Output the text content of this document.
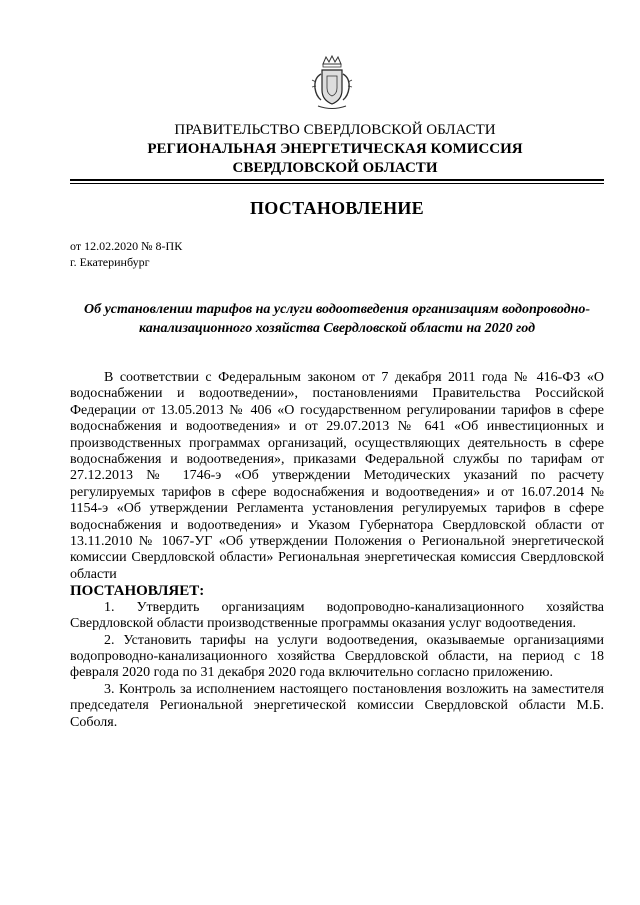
ПРАВИТЕЛЬСТВО СВЕРДЛОВСКОЙ ОБЛАСТИ
РЕГИОНАЛЬНАЯ ЭНЕРГЕТИЧЕСКАЯ КОМИССИЯ
СВЕРДЛОВСКОЙ ОБЛАСТИ
ПОСТАНОВЛЕНИЕ
от 12.02.2020 № 8-ПК
г. Екатеринбург
Об установлении тарифов на услуги водоотведения организациям водопроводно-канализационного хозяйства Свердловской области на 2020 год

В соответствии с Федеральным законом от 7 декабря 2011 года № 416-ФЗ «О водоснабжении и водоотведении», постановлениями Правительства Российской Федерации от 13.05.2013 № 406 «О государственном регулировании тарифов в сфере водоснабжения и водоотведения» и от 29.07.2013 № 641 «Об инвестиционных и производственных программах организаций, осуществляющих деятельность в сфере водоснабжения и водоотведения», приказами Федеральной службы по тарифам от 27.12.2013 № 1746-э «Об утверждении Методических указаний по расчету регулируемых тарифов в сфере водоснабжения и водоотведения» и от 16.07.2014 № 1154-э «Об утверждении Регламента установления регулируемых тарифов в сфере водоснабжения и водоотведения» и Указом Губернатора Свердловской области от 13.11.2010 № 1067-УГ «Об утверждении Положения о Региональной энергетической комиссии Свердловской области» Региональная энергетическая комиссия Свердловской области

ПОСТАНОВЛЯЕТ:

1. Утвердить организациям водопроводно-канализационного хозяйства Свердловской области производственные программы оказания услуг водоотведения.

2. Установить тарифы на услуги водоотведения, оказываемые организациями водопроводно-канализационного хозяйства Свердловской области, на период с 18 февраля 2020 года по 31 декабря 2020 года включительно согласно приложению.

3. Контроль за исполнением настоящего постановления возложить на заместителя председателя Региональной энергетической комиссии Свердловской области М.Б. Соболя.
